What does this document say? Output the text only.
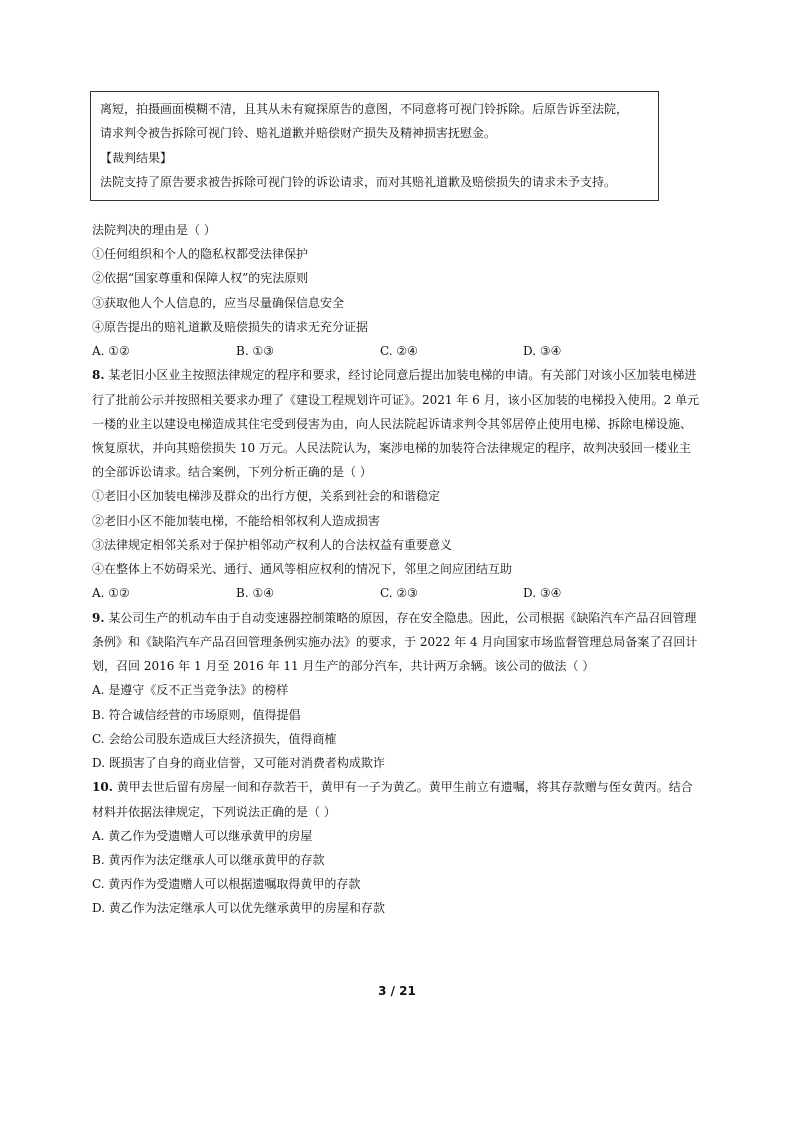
离短，拍摄画面模糊不清，且其从未有窥探原告的意图，不同意将可视门铃拆除。后原告诉至法院，
请求判令被告拆除可视门铃、赔礼道歉并赔偿财产损失及精神损害抚慰金。
【裁判结果】
法院支持了原告要求被告拆除可视门铃的诉讼请求，而对其赔礼道歉及赔偿损失的请求未予支持。
法院判决的理由是（ ）
①任何组织和个人的隐私权都受法律保护
②依据“国家尊重和保障人权”的宪法原则
③获取他人个人信息的，应当尽量确保信息安全
④原告提出的赔礼道歉及赔偿损失的请求无充分证据
A. ①②	B. ①③	C. ②④	D. ③④
8. 某老旧小区业主按照法律规定的程序和要求，经讨论同意后提出加装电梯的申请。有关部门对该小区加装电梯进
行了批前公示并按照相关要求办理了《建设工程规划许可证》。2021 年 6 月，该小区加装的电梯投入使用。2 单元
一楼的业主以建设电梯造成其住宅受到侵害为由，向人民法院起诉请求判令其邻居停止使用电梯、拆除电梯设施、
恢复原状，并向其赔偿损失 10 万元。人民法院认为，案涉电梯的加装符合法律规定的程序，故判决驳回一楼业主
的全部诉讼请求。结合案例，下列分析正确的是（ ）
①老旧小区加装电梯涉及群众的出行方便，关系到社会的和谐稳定
②老旧小区不能加装电梯，不能给相邻权利人造成损害
③法律规定相邻关系对于保护相邻动产权利人的合法权益有重要意义
④在整体上不妨碍采光、通行、通风等相应权利的情况下，邻里之间应团结互助
A. ①②	B. ①④	C. ②③	D. ③④
9. 某公司生产的机动车由于自动变速器控制策略的原因，存在安全隐患。因此，公司根据《缺陷汽车产品召回管理
条例》和《缺陷汽车产品召回管理条例实施办法》的要求，于 2022 年 4 月向国家市场监督管理总局备案了召回计
划，召回 2016 年 1 月至 2016 年 11 月生产的部分汽车，共计两万余辆。该公司的做法（ ）
A. 是遵守《反不正当竞争法》的榜样
B. 符合诚信经营的市场原则，值得提倡
C. 会给公司股东造成巨大经济损失，值得商榷
D. 既损害了自身的商业信誉，又可能对消费者构成欺诈
10. 黄甲去世后留有房屋一间和存款若干，黄甲有一子为黄乙。黄甲生前立有遗嘱，将其存款赠与侄女黄丙。结合
材料并依据法律规定，下列说法正确的是（ ）
A. 黄乙作为受遗赠人可以继承黄甲的房屋
B. 黄丙作为法定继承人可以继承黄甲的存款
C. 黄丙作为受遗赠人可以根据遗嘱取得黄甲的存款
D. 黄乙作为法定继承人可以优先继承黄甲的房屋和存款
3 / 21
